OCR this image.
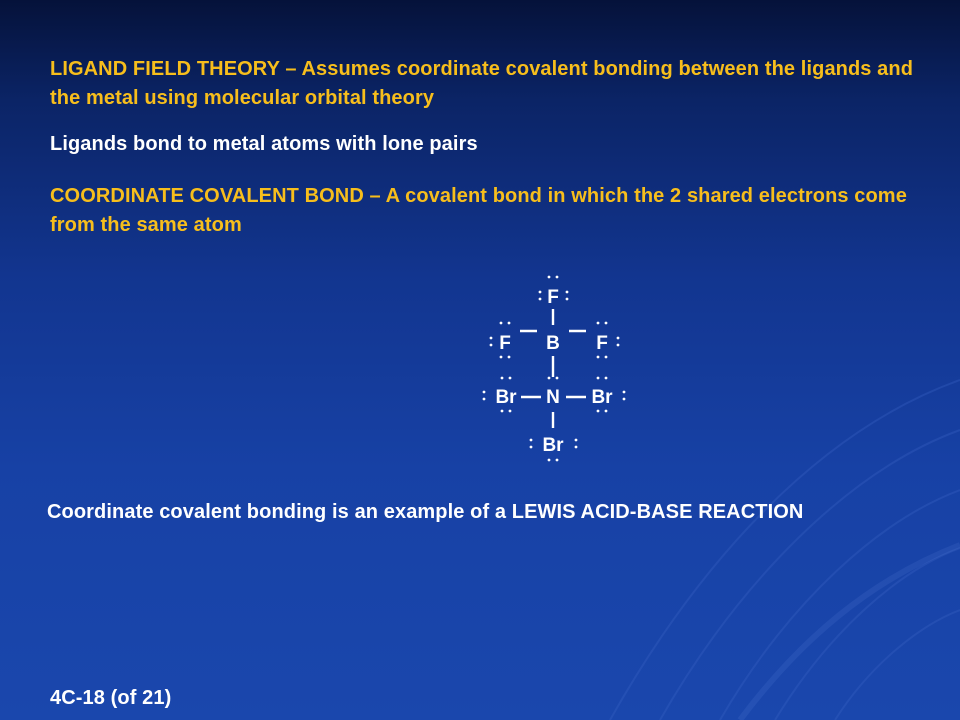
LIGAND FIELD THEORY – Assumes coordinate covalent bonding between the ligands and the metal using molecular orbital theory

Ligands bond to metal atoms with lone pairs

COORDINATE COVALENT BOND – A covalent bond in which the 2 shared electrons come from the same atom

F
F B F
Br N Br
Br

Coordinate covalent bonding is an example of a LEWIS ACID-BASE REACTION

4C-18 (of 21)
